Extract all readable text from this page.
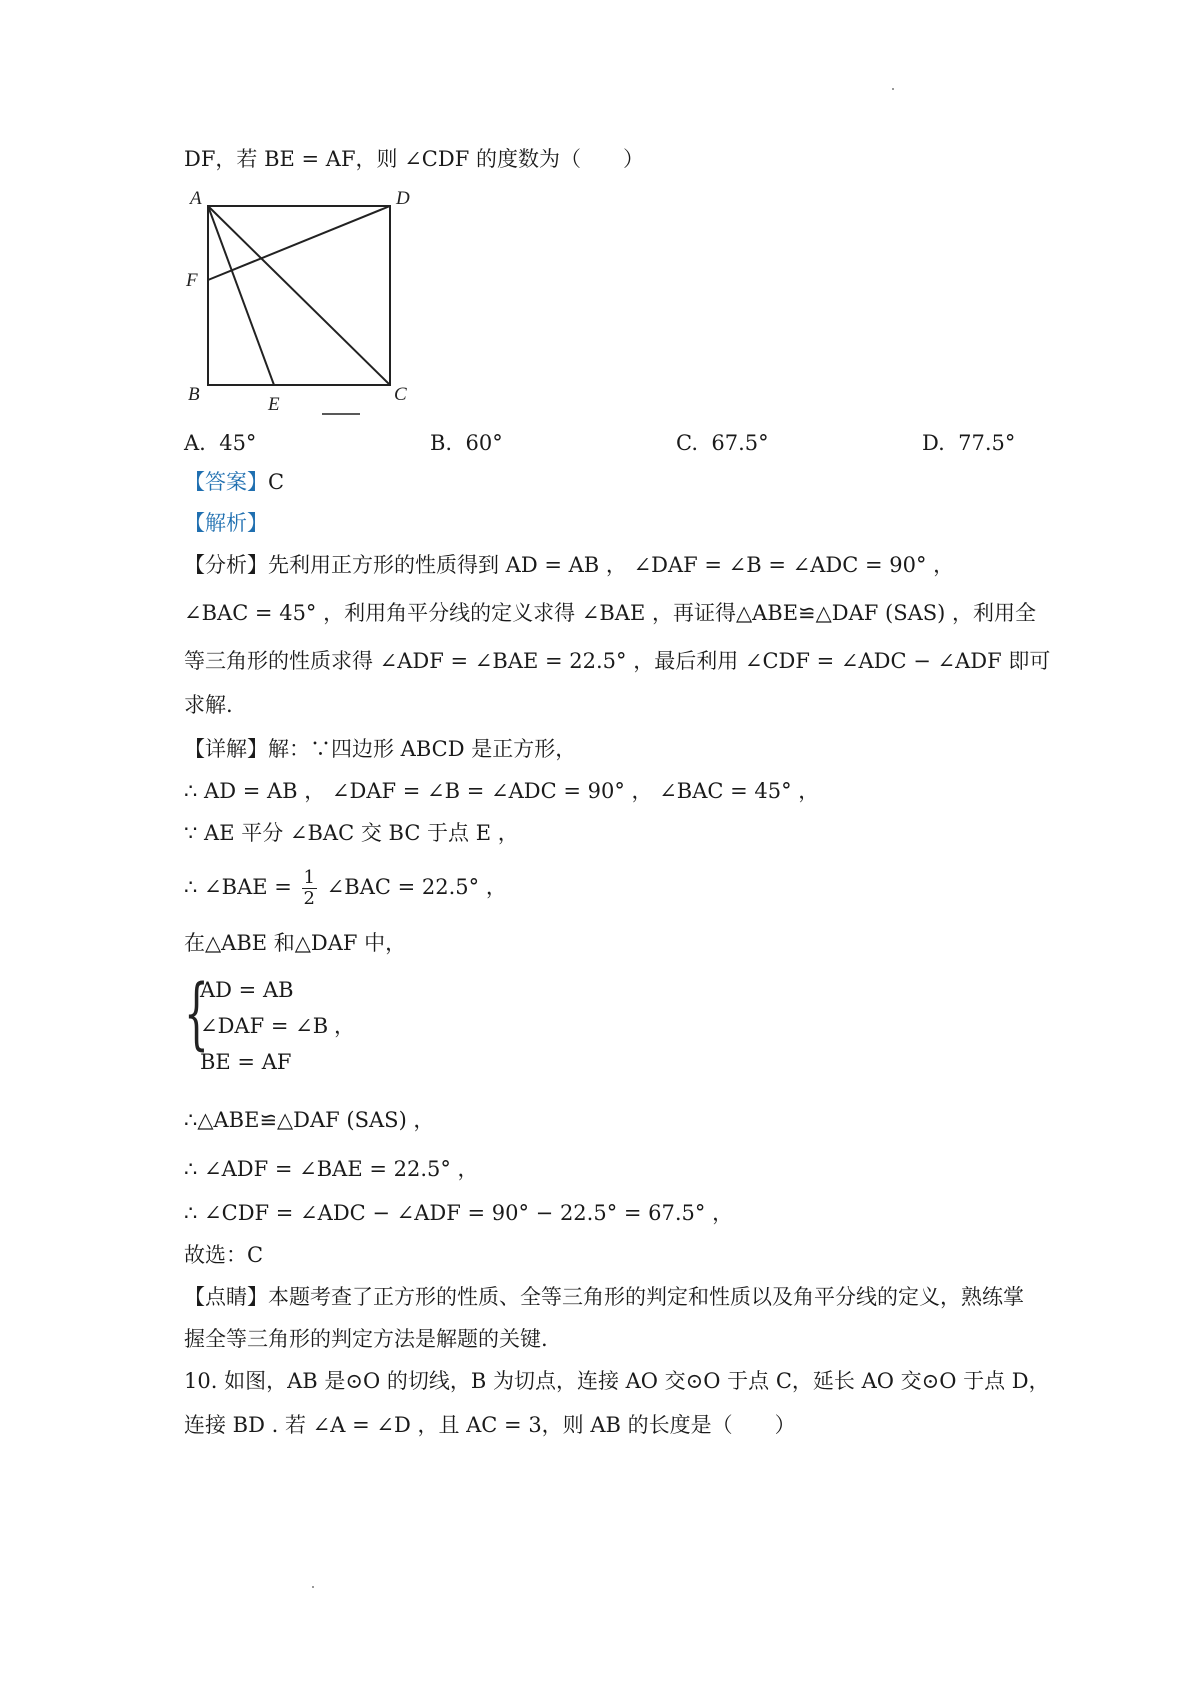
DF，若 BE = AF，则 ∠CDF 的度数为（　　）
A	D
F
B	E	C
A. 45°	B. 60°	C. 67.5°	D. 77.5°
【答案】C
【解析】
【分析】先利用正方形的性质得到 AD = AB ， ∠DAF = ∠B = ∠ADC = 90° ，
∠BAC = 45° ，利用角平分线的定义求得 ∠BAE ，再证得△ABE≌△DAF (SAS) ，利用全
等三角形的性质求得 ∠ADF = ∠BAE = 22.5° ，最后利用 ∠CDF = ∠ADC − ∠ADF 即可
求解.
【详解】解：∵四边形 ABCD 是正方形，
∴ AD = AB ， ∠DAF = ∠B = ∠ADC = 90° ， ∠BAC = 45° ，
∵ AE 平分 ∠BAC 交 BC 于点 E ，
∴ ∠BAE = $\frac{1}{2}$ ∠BAC = 22.5° ，
在△ABE 和△DAF 中，
{
AD = AB
∠DAF = ∠B
BE = AF
，
∴△ABE≌△DAF (SAS) ，
∴ ∠ADF = ∠BAE = 22.5° ，
∴ ∠CDF = ∠ADC − ∠ADF = 90° − 22.5° = 67.5° ，
故选：C
【点睛】本题考查了正方形的性质、全等三角形的判定和性质以及角平分线的定义，熟练掌
握全等三角形的判定方法是解题的关键.
10. 如图，AB 是⊙O 的切线，B 为切点，连接 AO 交⊙O 于点 C，延长 AO 交⊙O 于点 D，
连接 BD . 若 ∠A = ∠D ，且 AC = 3，则 AB 的长度是（　　）
